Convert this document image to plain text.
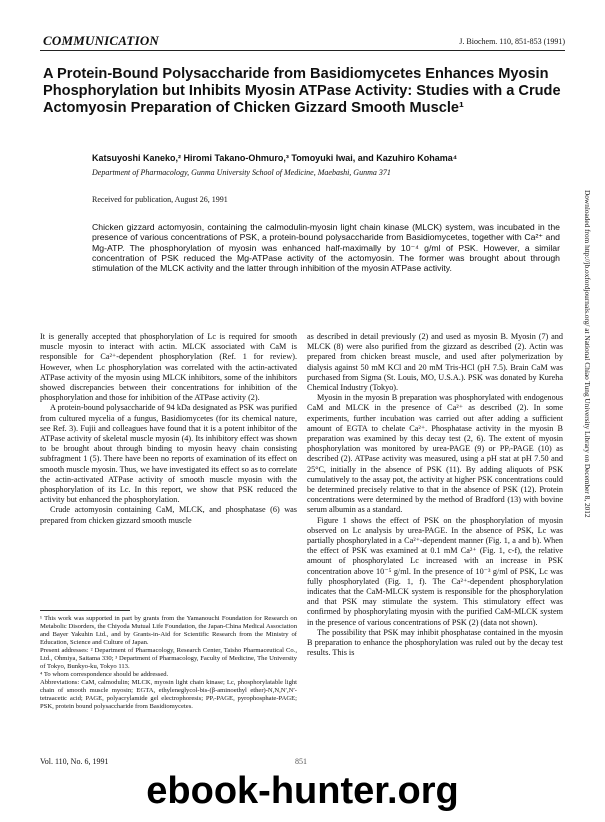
COMMUNICATION	J. Biochem. 110, 851-853 (1991)
A Protein-Bound Polysaccharide from Basidiomycetes Enhances Myosin Phosphorylation but Inhibits Myosin ATPase Activity: Studies with a Crude Actomyosin Preparation of Chicken Gizzard Smooth Muscle¹
Katsuyoshi Kaneko,² Hiromi Takano-Ohmuro,³ Tomoyuki Iwai, and Kazuhiro Kohama⁴
Department of Pharmacology, Gunma University School of Medicine, Maebashi, Gunma 371
Received for publication, August 26, 1991
Chicken gizzard actomyosin, containing the calmodulin-myosin light chain kinase (MLCK) system, was incubated in the presence of various concentrations of PSK, a protein-bound polysaccharide from Basidiomycetes, together with Ca²⁺ and Mg-ATP. The phosphorylation of myosin was enhanced half-maximally by 10⁻⁴ g/ml of PSK. However, a similar concentration of PSK reduced the Mg-ATPase activity of the actomyosin. The former was brought about through stimulation of the MLCK activity and the latter through inhibition of the myosin ATPase activity.

It is generally accepted that phosphorylation of Lc is required for smooth muscle myosin to interact with actin. MLCK associated with CaM is responsible for Ca²⁺-dependent phosphorylation (Ref. 1 for review). However, when Lc phosphorylation was correlated with the actin-activated ATPase activity of the myosin using MLCK inhibitors, some of the inhibitors showed discrepancies between their concentrations for inhibition of the phosphorylation and those for inhibition of the ATPase activity (2).

A protein-bound polysaccharide of 94 kDa designated as PSK was purified from cultured mycelia of a fungus, Basidiomycetes (for its chemical nature, see Ref. 3). Fujii and colleagues have found that it is a potent inhibitor of the ATPase activity of skeletal muscle myosin (4). Its inhibitory effect was shown to be brought about through binding to myosin heavy chain consisting subfragment 1 (5). There have been no reports of examination of its effect on smooth muscle myosin. Thus, we have investigated its effect so as to correlate the actin-activated ATPase activity of smooth muscle myosin with the phosphorylation of its Lc. In this report, we show that PSK reduced the activity but enhanced the phosphorylation.

Crude actomyosin containing CaM, MLCK, and phosphatase (6) was prepared from chicken gizzard smooth muscle

¹ This work was supported in part by grants from the Yamanouchi Foundation for Research on Metabolic Disorders, the Chiyoda Mutual Life Foundation, the Japan-China Medical Association and Bayer Yakuhin Ltd., and by Grants-in-Aid for Scientific Research from the Ministry of Education, Science and Culture of Japan.

Present addresses: ² Department of Pharmacology, Research Center, Taisho Pharmaceutical Co., Ltd., Ohmiya, Saitama 330; ³ Department of Pharmacology, Faculty of Medicine, The University of Tokyo, Bunkyo-ku, Tokyo 113.

⁴ To whom correspondence should be addressed.

Abbreviations: CaM, calmodulin; MLCK, myosin light chain kinase; Lc, phosphorylatable light chain of smooth muscle myosin; EGTA, ethyleneglycol-bis-(β-aminoethyl ether)-N,N,N′,N′-tetraacetic acid; PAGE, polyacrylamide gel electrophoresis; PPᵢ-PAGE, pyrophosphate-PAGE; PSK, protein bound polysaccharide from Basidiomycetes.

as described in detail previously (2) and used as myosin B. Myosin (7) and MLCK (8) were also purified from the gizzard as described (2). Actin was prepared from chicken breast muscle, and used after polymerization by dialysis against 50 mM KCl and 20 mM Tris-HCl (pH 7.5). Brain CaM was purchased from Sigma (St. Louis, MO, U.S.A.). PSK was donated by Kureha Chemical Industry (Tokyo).

Myosin in the myosin B preparation was phosphorylated with endogenous CaM and MLCK in the presence of Ca²⁺ as described (2). In some experiments, further incubation was carried out after adding a sufficient amount of EGTA to chelate Ca²⁺. Phosphatase activity in the myosin B preparation was examined by this decay test (2, 6). The extent of myosin phosphorylation was monitored by urea-PAGE (9) or PPᵢ-PAGE (10) as described (2). ATPase activity was measured, using a pH stat at pH 7.50 and 25°C, initially in the absence of PSK (11). By adding aliquots of PSK cumulatively to the assay pot, the activity at higher PSK concentrations could be determined precisely relative to that in the absence of PSK (12). Protein concentrations were determined by the method of Bradford (13) with bovine serum albumin as a standard.

Figure 1 shows the effect of PSK on the phosphorylation of myosin observed on Lc analysis by urea-PAGE. In the absence of PSK, Lc was partially phosphorylated in a Ca²⁺-dependent manner (Fig. 1, a and b). When the effect of PSK was examined at 0.1 mM Ca²⁺ (Fig. 1, c-f), the relative amount of phosphorylated Lc increased with an increase in PSK concentration above 10⁻⁵ g/ml. In the presence of 10⁻³ g/ml of PSK, Lc was fully phosphorylated (Fig. 1, f). The Ca²⁺-dependent phosphorylation indicates that the CaM-MLCK system is responsible for the phosphorylation and that PSK may stimulate the system. This stimulatory effect was confirmed by phosphorylating myosin with the purified CaM-MLCK system in the presence of various concentrations of PSK (2) (data not shown).

The possibility that PSK may inhibit phosphatase contained in the myosin B preparation to enhance the phosphorylation was ruled out by the decay test results. This is

Vol. 110, No. 6, 1991	851
Downloaded from http://jb.oxfordjournals.org/ at National Chiao Tung University Library on December 8, 2012
ebook-hunter.org
